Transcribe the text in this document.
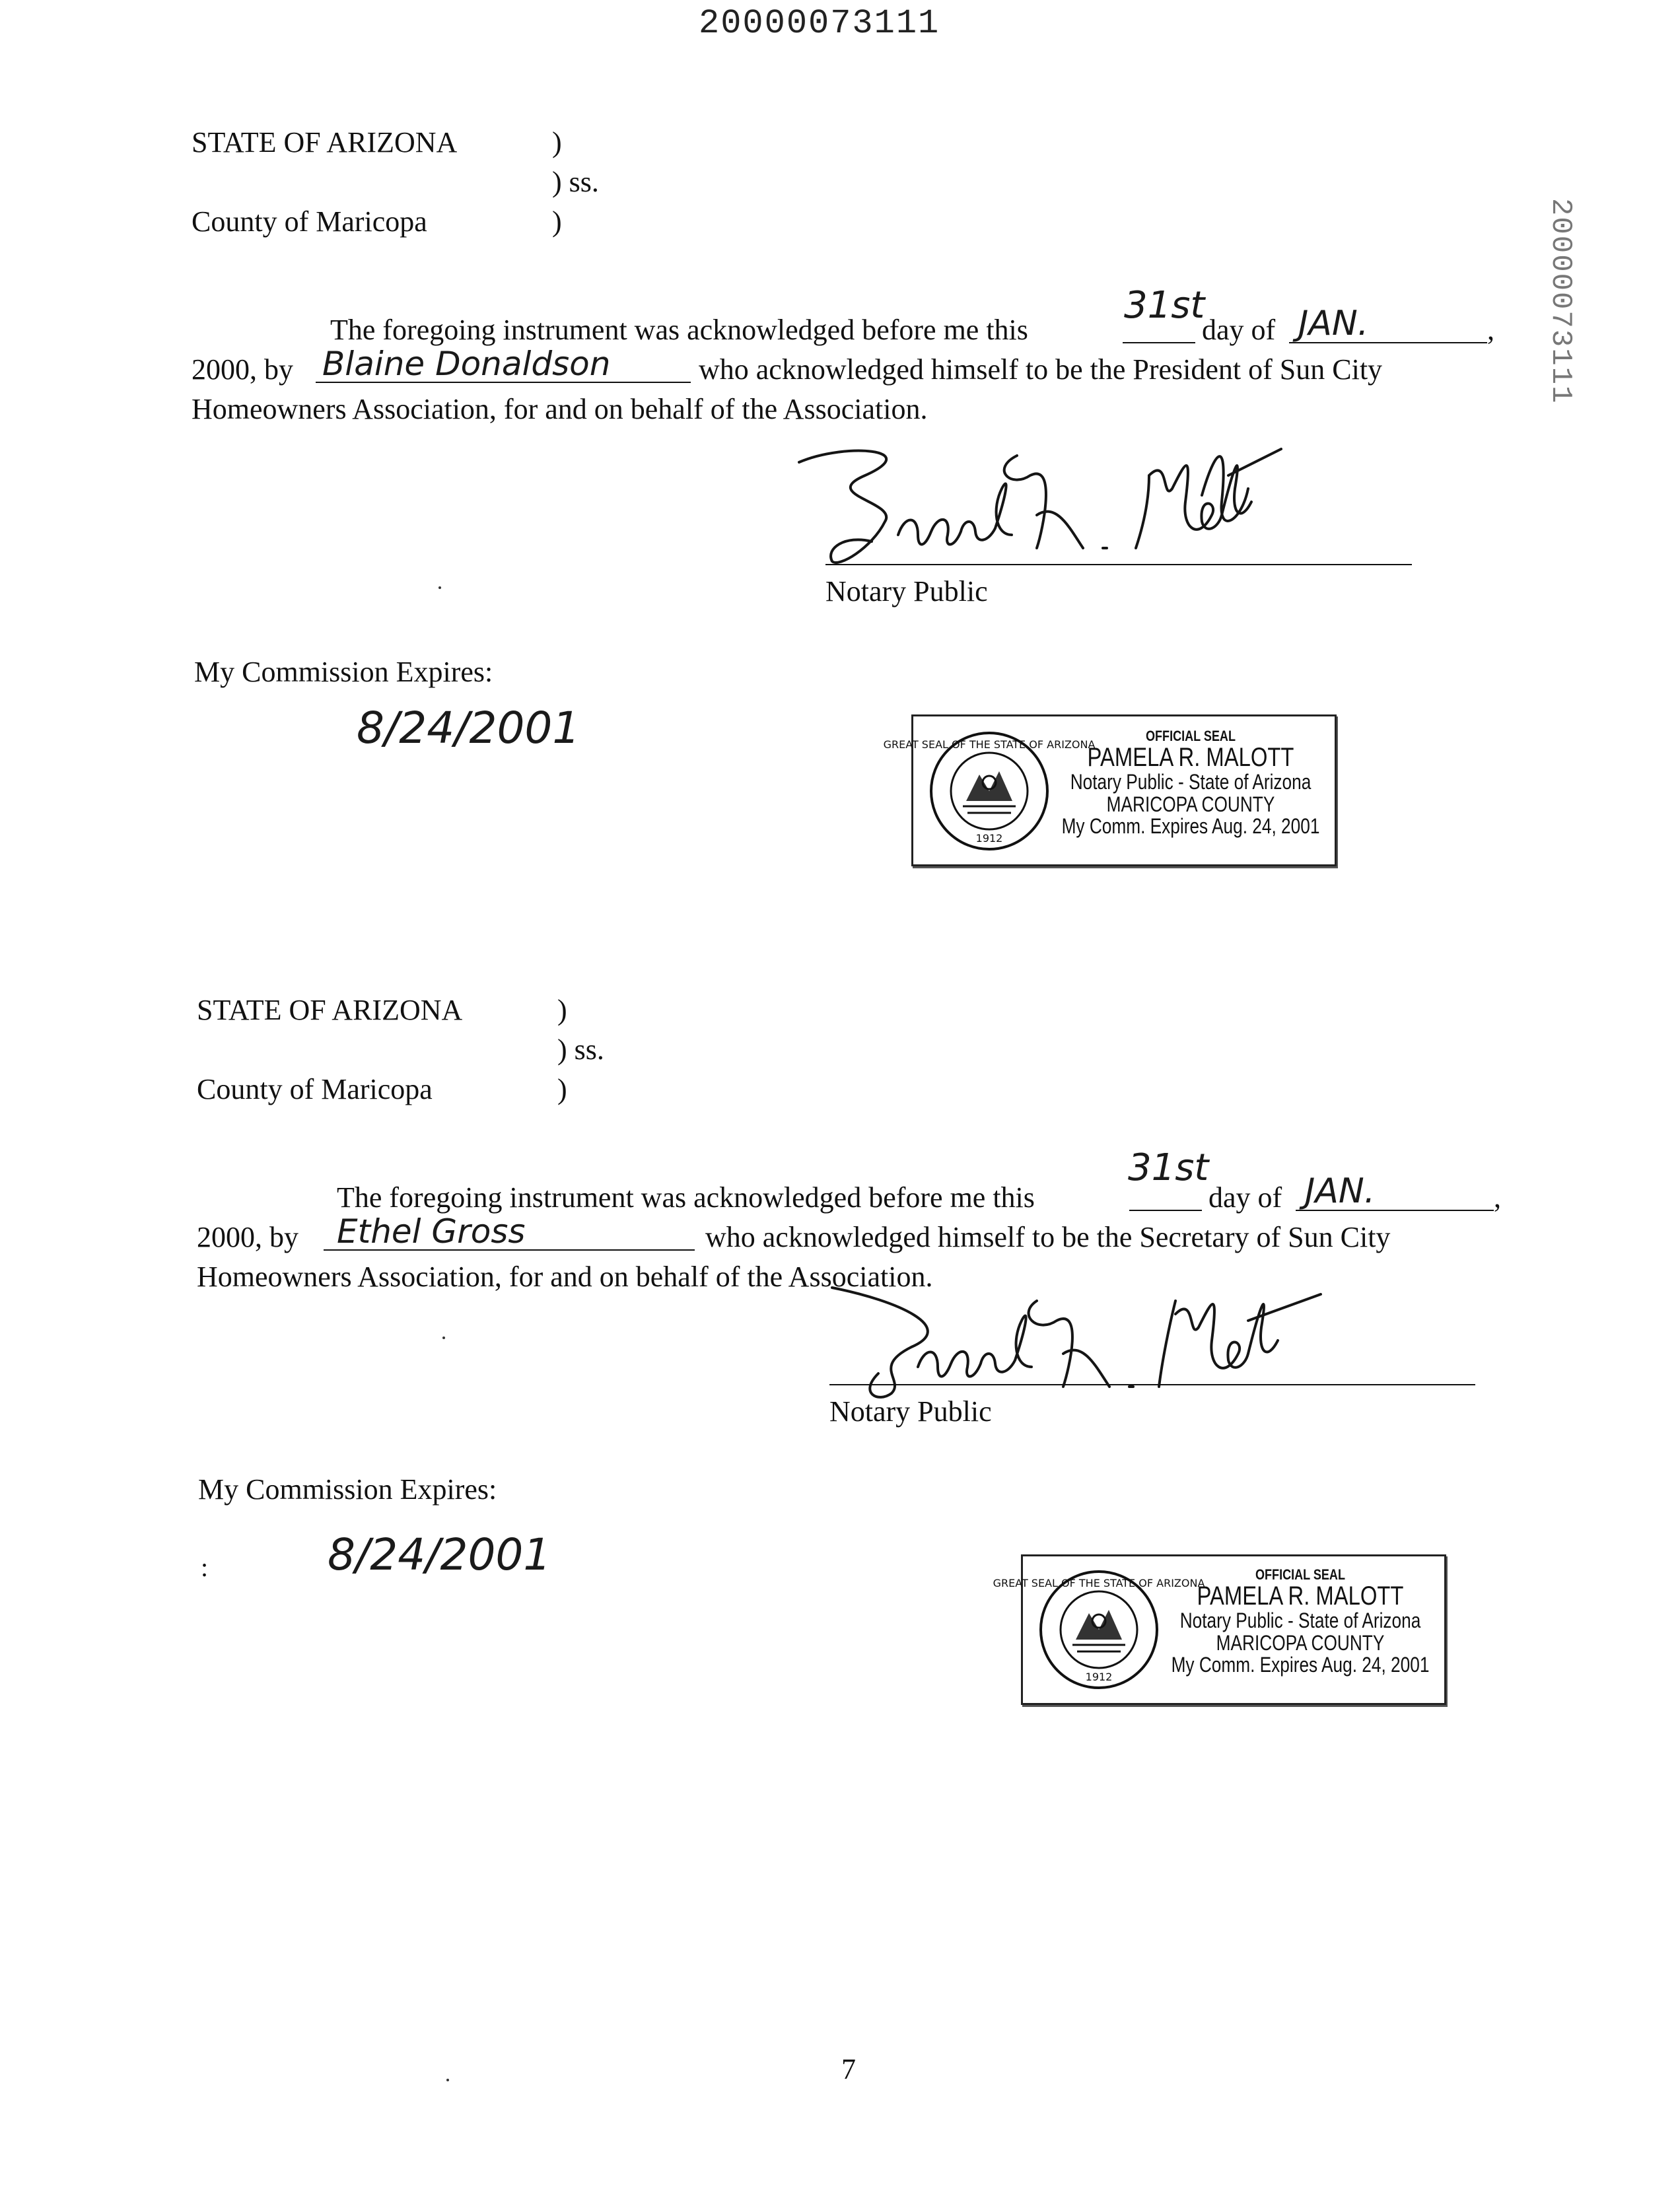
20000073111
20000073111
STATE OF ARIZONA	)
) ss.
County of Maricopa	)
The foregoing instrument was acknowledged before me this
31st
day of JAN.	,
2000, by Blaine Donaldson	who acknowledged himself to be the President of Sun City
Homeowners Association, for and on behalf of the Association.
Notary Public
My Commission Expires:
8/24/2001	GREAT SEAL OF THE STATE OF ARIZONA
1912
OFFICIAL SEAL
PAMELA R. MALOTT
Notary Public - State of Arizona
MARICOPA COUNTY
My Comm. Expires Aug. 24, 2001
STATE OF ARIZONA	)
) ss.
County of Maricopa	)
The foregoing instrument was acknowledged before me this
31st
day of JAN.	,
2000, by Ethel Gross	who acknowledged himself to be the Secretary of Sun City
Homeowners Association, for and on behalf of the Association.
Notary Public
My Commission Expires:
8/24/2001
:
GREAT SEAL OF THE STATE OF ARIZONA
1912
OFFICIAL SEAL
PAMELA R. MALOTT
Notary Public - State of Arizona
MARICOPA COUNTY
My Comm. Expires Aug. 24, 2001
7
